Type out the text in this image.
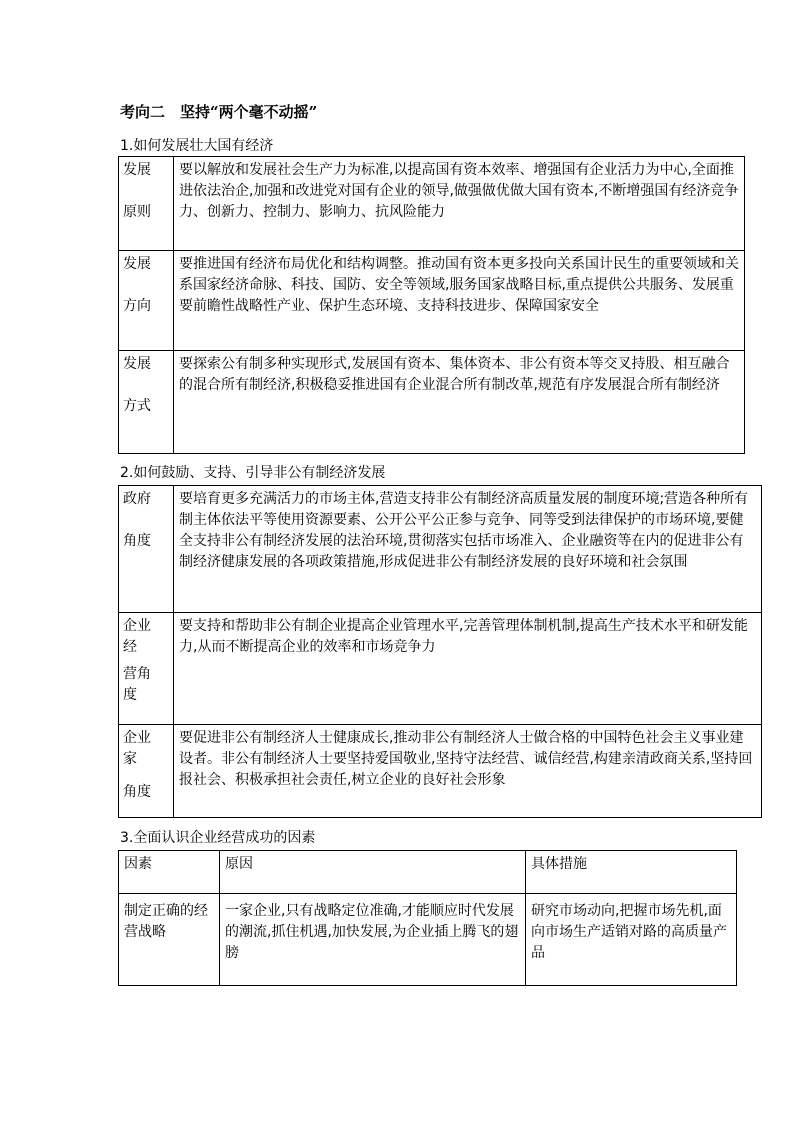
考向二　坚持“两个毫不动摇”
1.如何发展壮大国有经济
发展
原则	要以解放和发展社会生产力为标准,以提高国有资本效率、增强国有企业活力为中心,全面推进依法治企,加强和改进党对国有企业的领导,做强做优做大国有资本,不断增强国有经济竞争力、创新力、控制力、影响力、抗风险能力

发展
方向	要推进国有经济布局优化和结构调整。推动国有资本更多投向关系国计民生的重要领域和关系国家经济命脉、科技、国防、安全等领域,服务国家战略目标,重点提供公共服务、发展重要前瞻性战略性产业、保护生态环境、支持科技进步、保障国家安全

发展
方式	要探索公有制多种实现形式,发展国有资本、集体资本、非公有资本等交叉持股、相互融合的混合所有制经济,积极稳妥推进国有企业混合所有制改革,规范有序发展混合所有制经济
2.如何鼓励、支持、引导非公有制经济发展
政府
角度	要培育更多充满活力的市场主体,营造支持非公有制经济高质量发展的制度环境;营造各种所有制主体依法平等使用资源要素、公开公平公正参与竞争、同等受到法律保护的市场环境,要健全支持非公有制经济发展的法治环境,贯彻落实包括市场准入、企业融资等在内的促进非公有制经济健康发展的各项政策措施,形成促进非公有制经济发展的良好环境和社会氛围

企业
经
营角
度	要支持和帮助非公有制企业提高企业管理水平,完善管理体制机制,提高生产技术水平和研发能力,从而不断提高企业的效率和市场竞争力

企业
家
角度	要促进非公有制经济人士健康成长,推动非公有制经济人士做合格的中国特色社会主义事业建设者。非公有制经济人士要坚持爱国敬业,坚持守法经营、诚信经营,构建亲清政商关系,坚持回报社会、积极承担社会责任,树立企业的良好社会形象
3.全面认识企业经营成功的因素
因素	原因	具体措施
制定正确的经营战略	一家企业,只有战略定位准确,才能顺应时代发展的潮流,抓住机遇,加快发展,为企业插上腾飞的翅膀	研究市场动向,把握市场先机,面向市场生产适销对路的高质量产品
